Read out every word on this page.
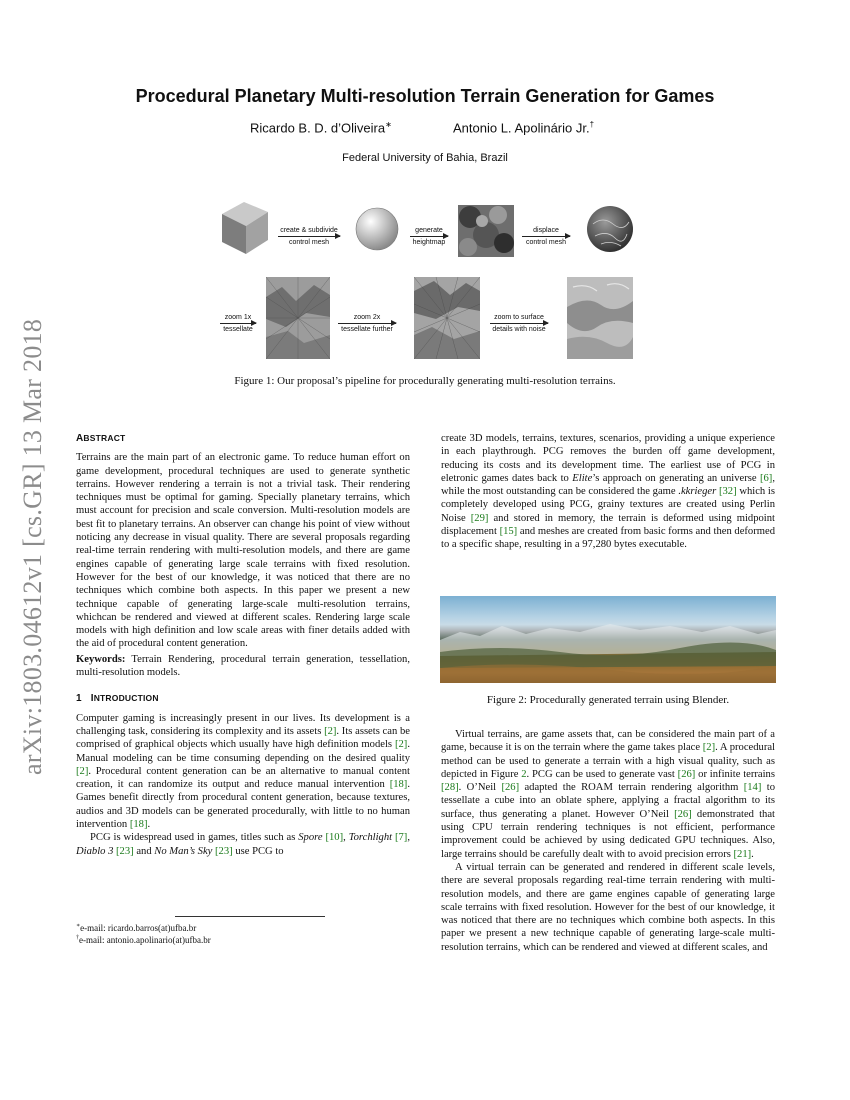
arXiv:1803.04612v1 [cs.GR] 13 Mar 2018
Procedural Planetary Multi-resolution Terrain Generation for Games
Ricardo B. D. d’Oliveira∗	Antonio L. Apolinário Jr.†
Federal University of Bahia, Brazil
create & subdivide
control mesh
generate
heightmap
displace
control mesh
zoom 1x
tessellate
zoom 2x
tessellate further
zoom to surface
details with noise
Figure 1: Our proposal’s pipeline for procedurally generating multi-resolution terrains.
ABSTRACT

Terrains are the main part of an electronic game. To reduce human effort on game development, procedural techniques are used to generate synthetic terrains. However rendering a terrain is not a trivial task. Their rendering techniques must be optimal for gaming. Specially planetary terrains, which must account for precision and scale conversion. Multi-resolution models are best fit to planetary terrains. An observer can change his point of view without noticing any decrease in visual quality. There are several proposals regarding real-time terrain rendering with multi-resolution models, and there are game engines capable of generating large scale terrains with fixed resolution. However for the best of our knowledge, it was noticed that there are no techniques which combine both aspects. In this paper we present a new technique capable of generating large-scale multi-resolution terrains, whichcan be rendered and viewed at different scales. Rendering large scale models with high definition and low scale areas with finer details added with the aid of procedural content generation.

Keywords: Terrain Rendering, procedural terrain generation, tessellation, multi-resolution models.

1 INTRODUCTION

Computer gaming is increasingly present in our lives. Its development is a challenging task, considering its complexity and its assets [2]. Its assets can be comprised of graphical objects which usually have high definition models [2]. Manual modeling can be time consuming depending on the desired quality [2]. Procedural content generation can be an alternative to manual content creation, it can randomize its output and reduce manual intervention [18]. Games benefit directly from procedural content generation, because textures, audios and 3D models can be generated procedurally, with little to no human intervention [18].

PCG is widespread used in games, titles such as Spore [10], Torchlight [7], Diablo 3 [23] and No Man’s Sky [23] use PCG to

∗e-mail: ricardo.barros(at)ufba.br
†e-mail: antonio.apolinario(at)ufba.br

create 3D models, terrains, textures, scenarios, providing a unique experience in each playthrough. PCG removes the burden off game development, reducing its costs and its development time. The earliest use of PCG in eletronic games dates back to Elite’s approach on generating an universe [6], while the most outstanding can be considered the game .kkrieger [32] which is completely developed using PCG, grainy textures are created using Perlin Noise [29] and stored in memory, the terrain is deformed using midpoint displacement [15] and meshes are created from basic forms and then deformed to a specific shape, resulting in a 97,280 bytes executable.

Figure 2: Procedurally generated terrain using Blender.

Virtual terrains, are game assets that, can be considered the main part of a game, because it is on the terrain where the game takes place [2]. A procedural method can be used to generate a terrain with a high visual quality, such as depicted in Figure 2. PCG can be used to generate vast [26] or infinite terrains [28]. O’Neil [26] adapted the ROAM terrain rendering algorithm [14] to tessellate a cube into an oblate sphere, applying a fractal algorithm to its surface, thus generating a planet. However O’Neil [26] demonstrated that using CPU terrain rendering techniques is not efficient, performance improvement could be achieved by using dedicated GPU techniques. Also, large terrains should be carefully dealt with to avoid precision errors [21].

A virtual terrain can be generated and rendered in different scale levels, there are several proposals regarding real-time terrain rendering with multi-resolution models, and there are game engines capable of generating large scale terrains with fixed resolution. However for the best of our knowledge, it was noticed that there are no techniques which combine both aspects. In this paper we present a new technique capable of generating large-scale multi-resolution terrains, which can be rendered and viewed at different scales, and
